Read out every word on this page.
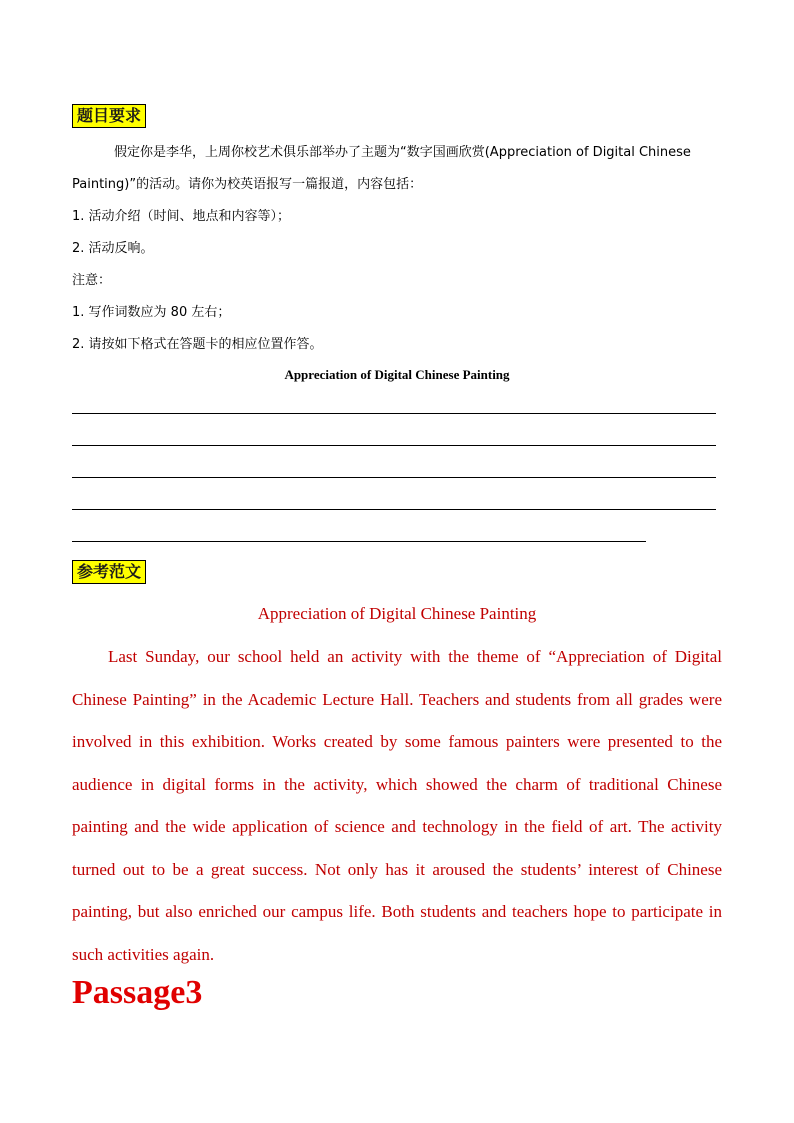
题目要求
假定你是李华，上周你校艺术俱乐部举办了主题为“数字国画欣赏(Appreciation of Digital Chinese
Painting)”的活动。请你为校英语报写一篇报道，内容包括：
1. 活动介绍（时间、地点和内容等）；
2. 活动反响。
注意：
1. 写作词数应为 80 左右；
2. 请按如下格式在答题卡的相应位置作答。
Appreciation of Digital Chinese Painting
参考范文
Appreciation of Digital Chinese Painting
Last Sunday, our school held an activity with the theme of “Appreciation of Digital Chinese Painting” in the Academic Lecture Hall. Teachers and students from all grades were involved in this exhibition. Works created by some famous painters were presented to the audience in digital forms in the activity, which showed the charm of traditional Chinese painting and the wide application of science and technology in the field of art. The activity turned out to be a great success. Not only has it aroused the students’ interest of Chinese painting, but also enriched our campus life. Both students and teachers hope to participate in such activities again.
Passage3
